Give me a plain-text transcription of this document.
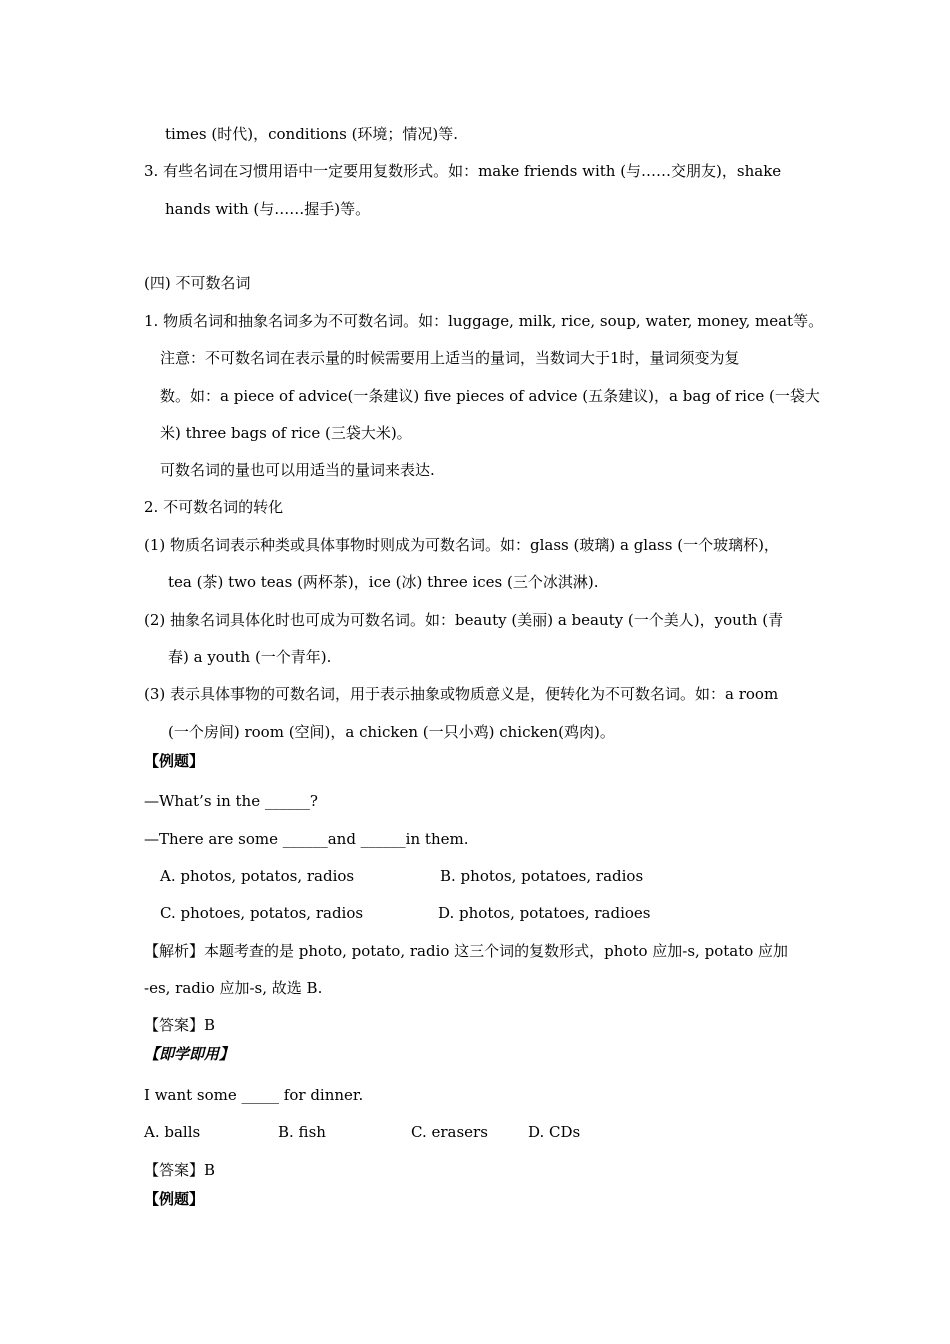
times (时代)，conditions (环境；情况)等.
3. 有些名词在习惯用语中一定要用复数形式。如：make friends with (与……交朋友)，shake
hands with (与……握手)等。
(四) 不可数名词
1. 物质名词和抽象名词多为不可数名词。如：luggage, milk, rice, soup, water, money, meat等。
注意：不可数名词在表示量的时候需要用上适当的量词，当数词大于1时，量词须变为复
数。如：a piece of advice(一条建议) five pieces of advice (五条建议)，a bag of rice (一袋大
米) three bags of rice (三袋大米)。
可数名词的量也可以用适当的量词来表达.
2. 不可数名词的转化
(1) 物质名词表示种类或具体事物时则成为可数名词。如：glass (玻璃) a glass (一个玻璃杯)，
tea (茶) two teas (两杯茶)，ice (冰) three ices (三个冰淇淋).
(2) 抽象名词具体化时也可成为可数名词。如：beauty (美丽) a beauty (一个美人)，youth (青
春) a youth (一个青年).
(3) 表示具体事物的可数名词，用于表示抽象或物质意义是，便转化为不可数名词。如：a room
(一个房间) room (空间)，a chicken (一只小鸡) chicken(鸡肉)。
【例题】
—What’s in the ______?
—There are some ______and ______in them.
A. photos, potatos, radios	B. photos, potatoes, radios
C. photoes, potatos, radios	D. photos, potatoes, radioes
【解析】本题考查的是 photo, potato, radio 这三个词的复数形式，photo 应加-s, potato 应加
-es, radio 应加-s, 故选 B.
【答案】B
【即学即用】
I want some _____ for dinner.
A. balls	B. fish	C. erasers	D. CDs
【答案】B
【例题】
